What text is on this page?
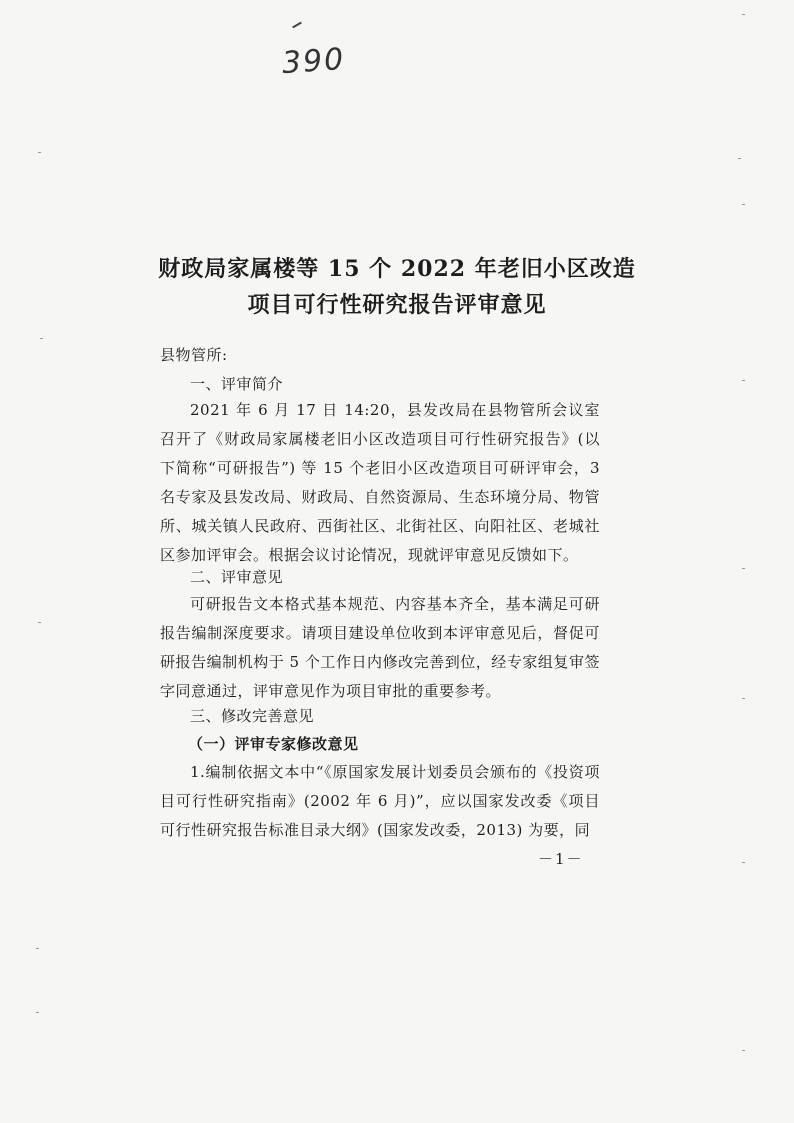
390
财政局家属楼等 15 个 2022 年老旧小区改造
项目可行性研究报告评审意见
县物管所:
一、评审简介
2021 年 6 月 17 日 14:20，县发改局在县物管所会议室召开了《财政局家属楼老旧小区改造项目可行性研究报告》(以下简称“可研报告”) 等 15 个老旧小区改造项目可研评审会，3 名专家及县发改局、财政局、自然资源局、生态环境分局、物管所、城关镇人民政府、西街社区、北街社区、向阳社区、老城社区参加评审会。根据会议讨论情况，现就评审意见反馈如下。
二、评审意见
可研报告文本格式基本规范、内容基本齐全，基本满足可研报告编制深度要求。请项目建设单位收到本评审意见后，督促可研报告编制机构于 5 个工作日内修改完善到位，经专家组复审签字同意通过，评审意见作为项目审批的重要参考。
三、修改完善意见
（一）评审专家修改意见
1.编制依据文本中“《原国家发展计划委员会颁布的《投资项目可行性研究指南》(2002 年 6 月)”，应以国家发改委《项目可行性研究报告标准目录大纲》(国家发改委，2013) 为要，同
－1－
